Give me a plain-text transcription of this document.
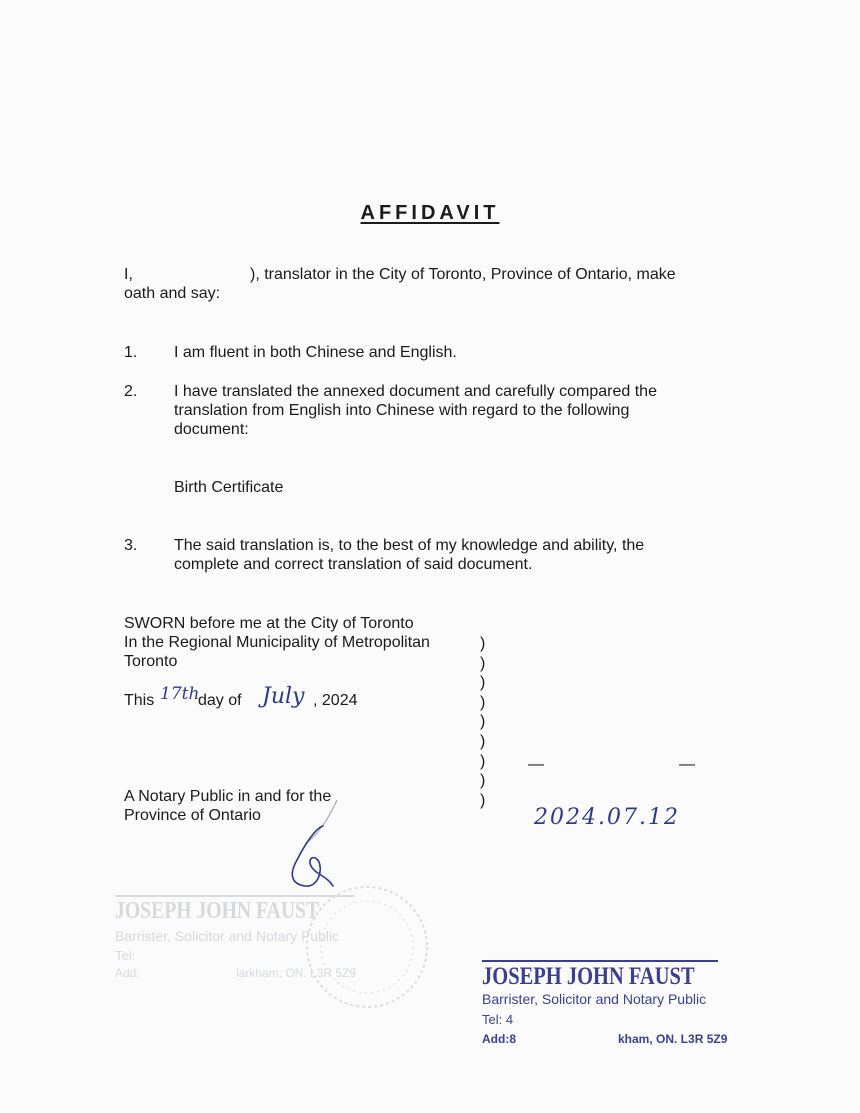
AFFIDAVIT
I,	), translator in the City of Toronto, Province of Ontario, make
oath and say:
1. I am fluent in both Chinese and English.
2. I have translated the annexed document and carefully compared the
translation from English into Chinese with regard to the following
document:
Birth Certificate
3. The said translation is, to the best of my knowledge and ability, the
complete and correct translation of said document.
SWORN before me at the City of Toronto
In the Regional Municipality of Metropolitan
Toronto
This 17th
day of July , 2024
)
)
)
)
)
)
)
)
)
—	—
A Notary Public in and for the
Province of Ontario	2024.07.12
JOSEPH JOHN FAUST
Barrister, Solicitor and Notary Public
Tel:
Add:	larkham, ON. L3R 5Z9	JOSEPH JOHN FAUST
Barrister, Solicitor and Notary Public
Tel: 4
Add:8	kham, ON. L3R 5Z9
